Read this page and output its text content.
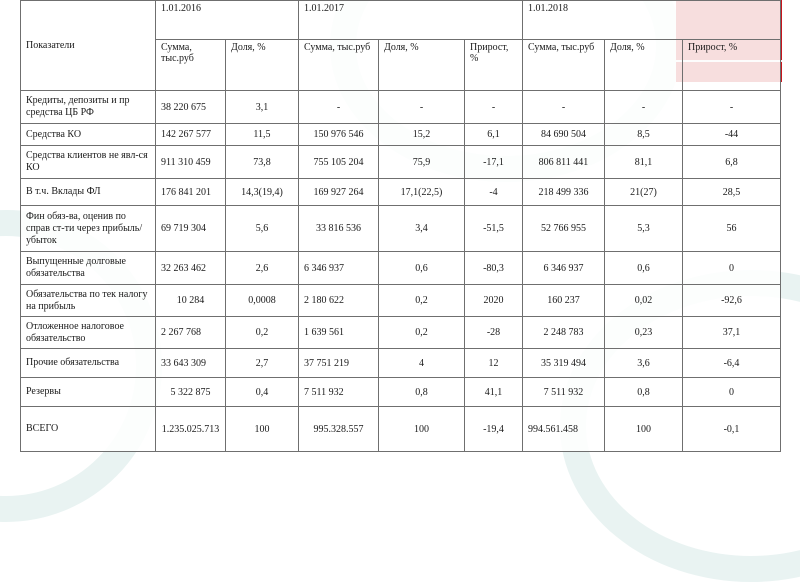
Показатели	1.01.2016		1.01.2017			1.01.2018		
	Сумма, тыс.руб	Доля, %	Сумма, тыс.руб	Доля, %	Прирост, %	Сумма, тыс.руб	Доля, %	Прирост, %
Кредиты, депозиты и пр средства ЦБ РФ	38 220 675	3,1	-	-	-	-	-	-
Средства КО	142 267 577	11,5	150 976 546	15,2	6,1	84 690 504	8,5	-44
Средства клиентов не явл-ся КО	911 310 459	73,8	755 105 204	75,9	-17,1	806 811 441	81,1	6,8
В т.ч. Вклады ФЛ	176 841 201	14,3(19,4)	169 927 264	17,1(22,5)	-4	218 499 336	21(27)	28,5
Фин обяз-ва, оценив по справ ст-ти через прибыль/ убыток	69 719 304	5,6	33 816 536	3,4	-51,5	52 766 955	5,3	56
Выпущенные долговые обязательства	32 263 462	2,6	6 346 937	0,6	-80,3	6 346 937	0,6	0
Обязательства по тек налогу на прибыль	10 284	0,0008	2 180 622	0,2	2020	160 237	0,02	-92,6
Отложенное налоговое обязательство	2 267 768	0,2	1 639 561	0,2	-28	2 248 783	0,23	37,1
Прочие обязательства	33 643 309	2,7	37 751 219	4	12	35 319 494	3,6	-6,4
Резервы	5 322 875	0,4	7 511 932	0,8	41,1	7 511 932	0,8	0
ВСЕГО	1.235.025.713	100	995.328.557	100	-19,4	994.561.458	100	-0,1
